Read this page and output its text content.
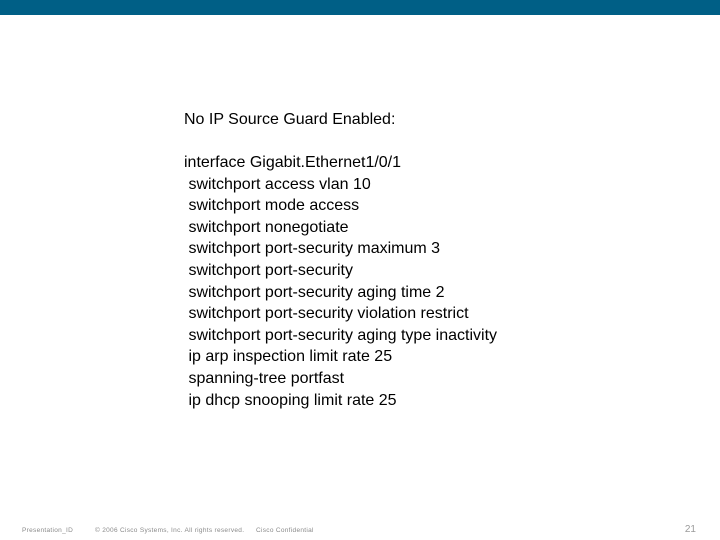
No IP Source Guard Enabled:
interface Gigabit.Ethernet1/0/1
switchport access vlan 10
switchport mode access
switchport nonegotiate
switchport port-security maximum 3
switchport port-security
switchport port-security aging time 2
switchport port-security violation restrict
switchport port-security aging type inactivity
ip arp inspection limit rate 25
spanning-tree portfast
ip dhcp snooping limit rate 25
Presentation_ID	© 2006 Cisco Systems, Inc. All rights reserved. Cisco Confidential	21
